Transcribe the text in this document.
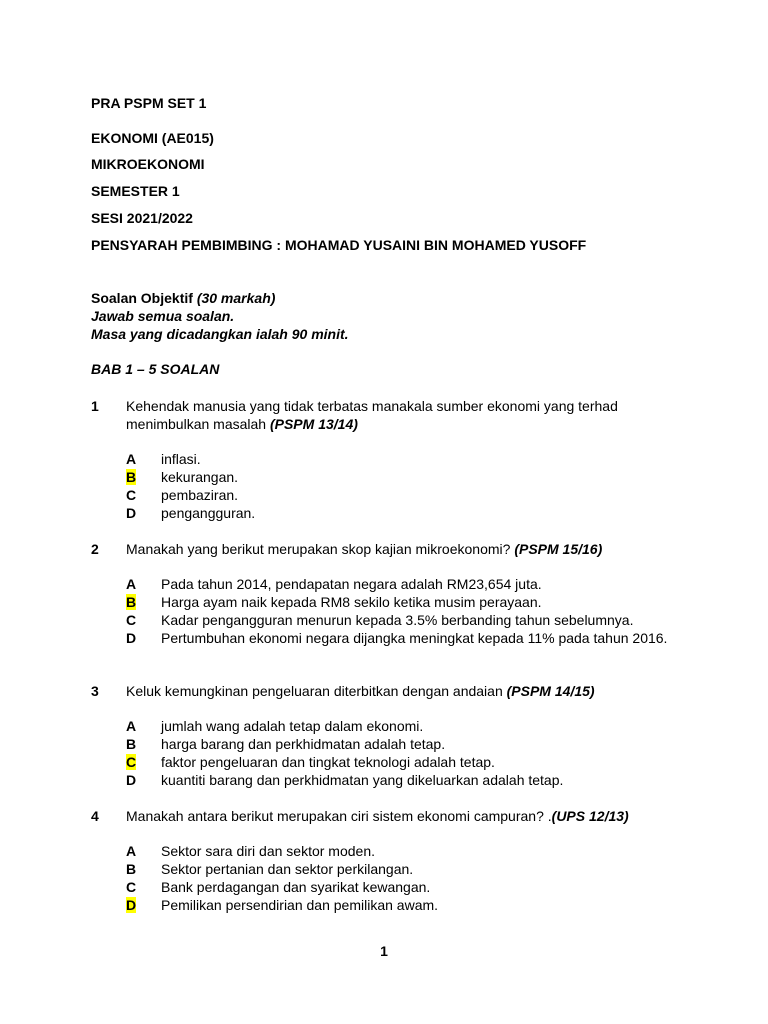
PRA PSPM SET 1
EKONOMI (AE015)
MIKROEKONOMI
SEMESTER 1
SESI 2021/2022
PENSYARAH PEMBIMBING : MOHAMAD YUSAINI BIN MOHAMED YUSOFF
Soalan Objektif (30 markah)
Jawab semua soalan.
Masa yang dicadangkan ialah 90 minit.
BAB 1 – 5 SOALAN
1 Kehendak manusia yang tidak terbatas manakala sumber ekonomi yang terhad menimbulkan masalah (PSPM 13/14)
A inflasi.
B kekurangan.
C pembaziran.
D pengangguran.
2 Manakah yang berikut merupakan skop kajian mikroekonomi? (PSPM 15/16)
A Pada tahun 2014, pendapatan negara adalah RM23,654 juta.
B Harga ayam naik kepada RM8 sekilo ketika musim perayaan.
C Kadar pengangguran menurun kepada 3.5% berbanding tahun sebelumnya.
D Pertumbuhan ekonomi negara dijangka meningkat kepada 11% pada tahun 2016.
3 Keluk kemungkinan pengeluaran diterbitkan dengan andaian (PSPM 14/15)
A jumlah wang adalah tetap dalam ekonomi.
B harga barang dan perkhidmatan adalah tetap.
C faktor pengeluaran dan tingkat teknologi adalah tetap.
D kuantiti barang dan perkhidmatan yang dikeluarkan adalah tetap.
4 Manakah antara berikut merupakan ciri sistem ekonomi campuran? .(UPS 12/13)
A Sektor sara diri dan sektor moden.
B Sektor pertanian dan sektor perkilangan.
C Bank perdagangan dan syarikat kewangan.
D Pemilikan persendirian dan pemilikan awam.
1
